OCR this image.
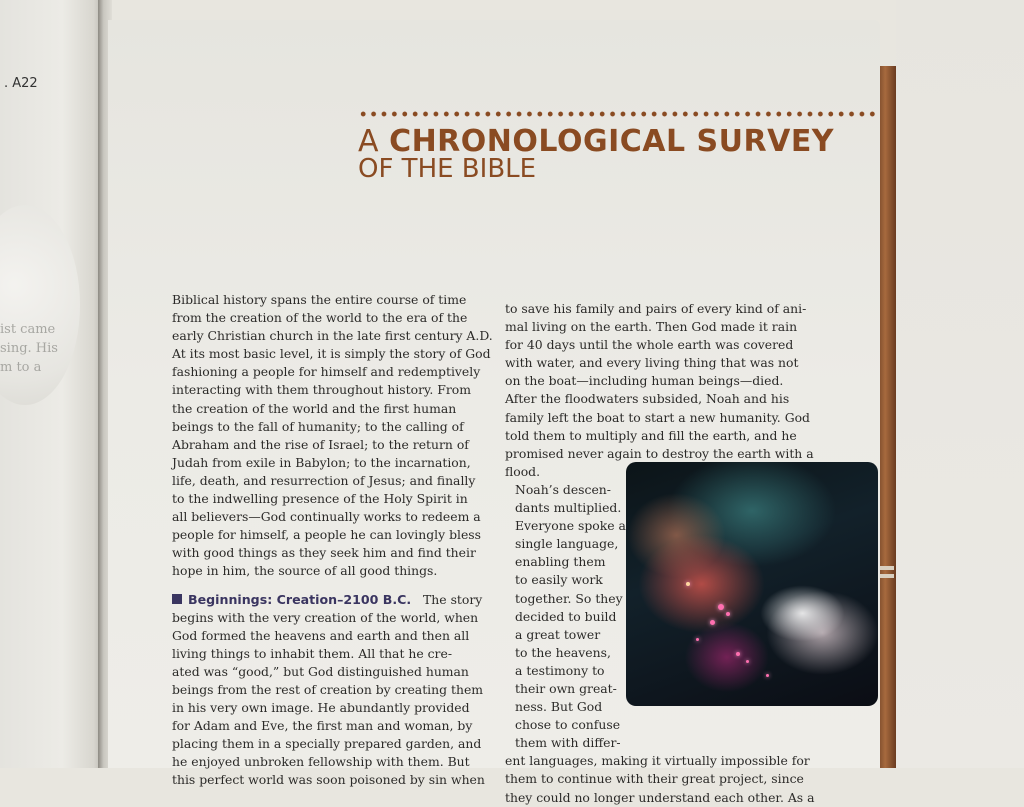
. A22
ist came
sing. His
m to a
A CHRONOLOGICAL SURVEY
OF THE BIBLE
Biblical history spans the entire course of time
from the creation of the world to the era of the
early Christian church in the late first century A.D.
At its most basic level, it is simply the story of God
fashioning a people for himself and redemptively
interacting with them throughout history. From
the creation of the world and the first human
beings to the fall of humanity; to the calling of
Abraham and the rise of Israel; to the return of
Judah from exile in Babylon; to the incarnation,
life, death, and resurrection of Jesus; and finally
to the indwelling presence of the Holy Spirit in
all believers—God continually works to redeem a
people for himself, a people he can lovingly bless
with good things as they seek him and find their
hope in him, the source of all good things.
Beginnings: Creation–2100 B.C. The story
begins with the very creation of the world, when
God formed the heavens and earth and then all
living things to inhabit them. All that he cre-
ated was “good,” but God distinguished human
beings from the rest of creation by creating them
in his very own image. He abundantly provided
for Adam and Eve, the first man and woman, by
placing them in a specially prepared garden, and
he enjoyed unbroken fellowship with them. But
this perfect world was soon poisoned by sin when
to save his family and pairs of every kind of ani-
mal living on the earth. Then God made it rain
for 40 days until the whole earth was covered
with water, and every living thing that was not
on the boat—including human beings—died.
After the floodwaters subsided, Noah and his
family left the boat to start a new humanity. God
told them to multiply and fill the earth, and he
promised never again to destroy the earth with a
flood.
Noah’s descen-
dants multiplied.
Everyone spoke a
single language,
enabling them
to easily work
together. So they
decided to build
a great tower
to the heavens,
a testimony to
their own great-
ness. But God
chose to confuse
them with differ-
ent languages, making it virtually impossible for
them to continue with their great project, since
they could no longer understand each other. As a
